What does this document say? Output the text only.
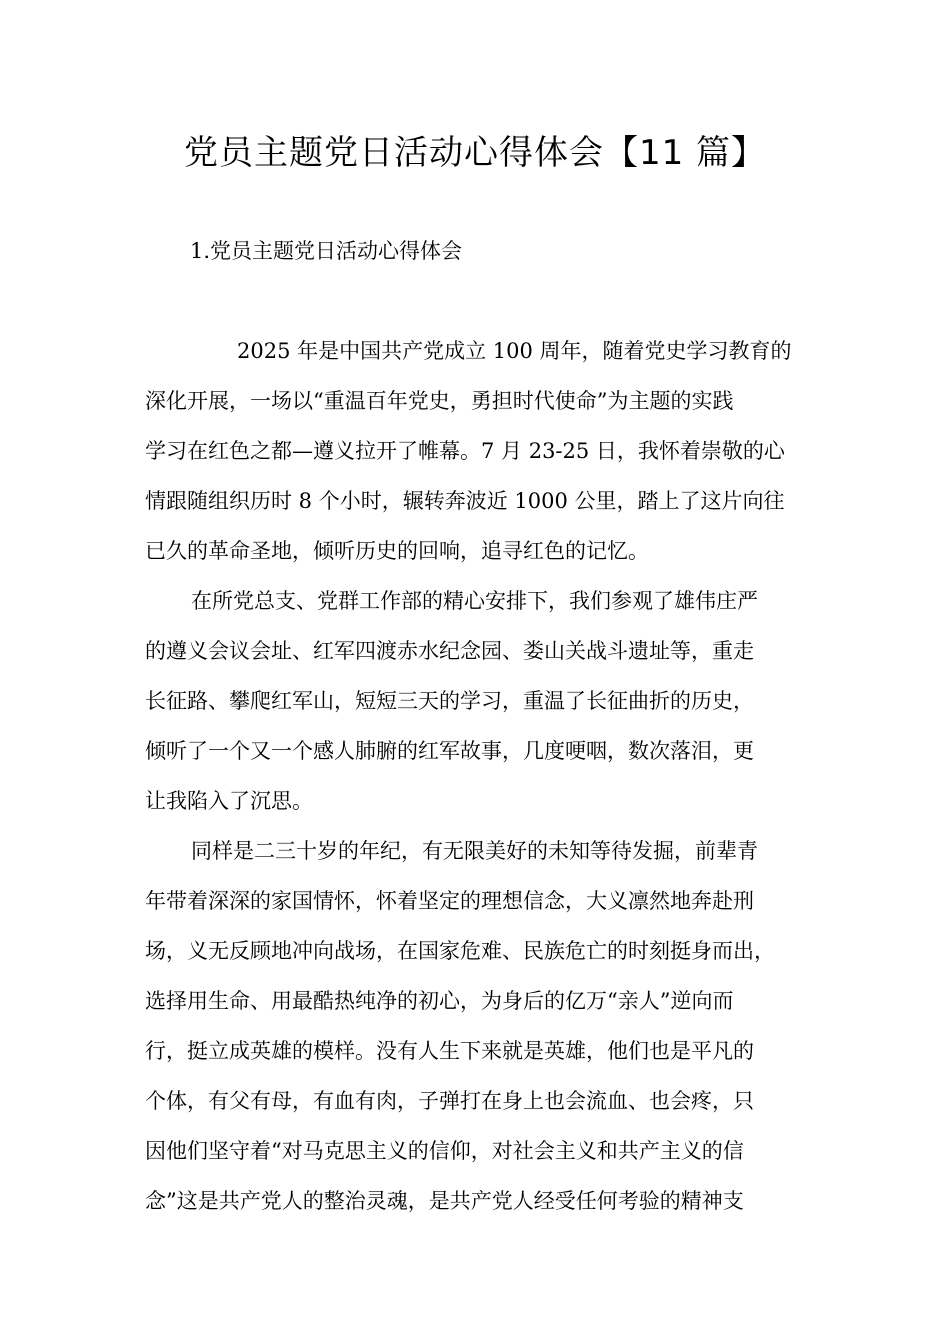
党员主题党日活动心得体会【11 篇】
1.党员主题党日活动心得体会
2025 年是中国共产党成立 100 周年，随着党史学习教育的
深化开展，一场以“重温百年党史，勇担时代使命”为主题的实践
学习在红色之都—遵义拉开了帷幕。7 月 23-25 日，我怀着崇敬的心
情跟随组织历时 8 个小时，辗转奔波近 1000 公里，踏上了这片向往
已久的革命圣地，倾听历史的回响，追寻红色的记忆。
在所党总支、党群工作部的精心安排下，我们参观了雄伟庄严
的遵义会议会址、红军四渡赤水纪念园、娄山关战斗遗址等，重走
长征路、攀爬红军山，短短三天的学习，重温了长征曲折的历史，
倾听了一个又一个感人肺腑的红军故事，几度哽咽，数次落泪，更
让我陷入了沉思。
同样是二三十岁的年纪，有无限美好的未知等待发掘，前辈青
年带着深深的家国情怀，怀着坚定的理想信念，大义凛然地奔赴刑
场，义无反顾地冲向战场，在国家危难、民族危亡的时刻挺身而出，
选择用生命、用最酷热纯净的初心，为身后的亿万“亲人”逆向而
行，挺立成英雄的模样。没有人生下来就是英雄，他们也是平凡的
个体，有父有母，有血有肉，子弹打在身上也会流血、也会疼，只
因他们坚守着“对马克思主义的信仰，对社会主义和共产主义的信
念”这是共产党人的整治灵魂，是共产党人经受任何考验的精神支
